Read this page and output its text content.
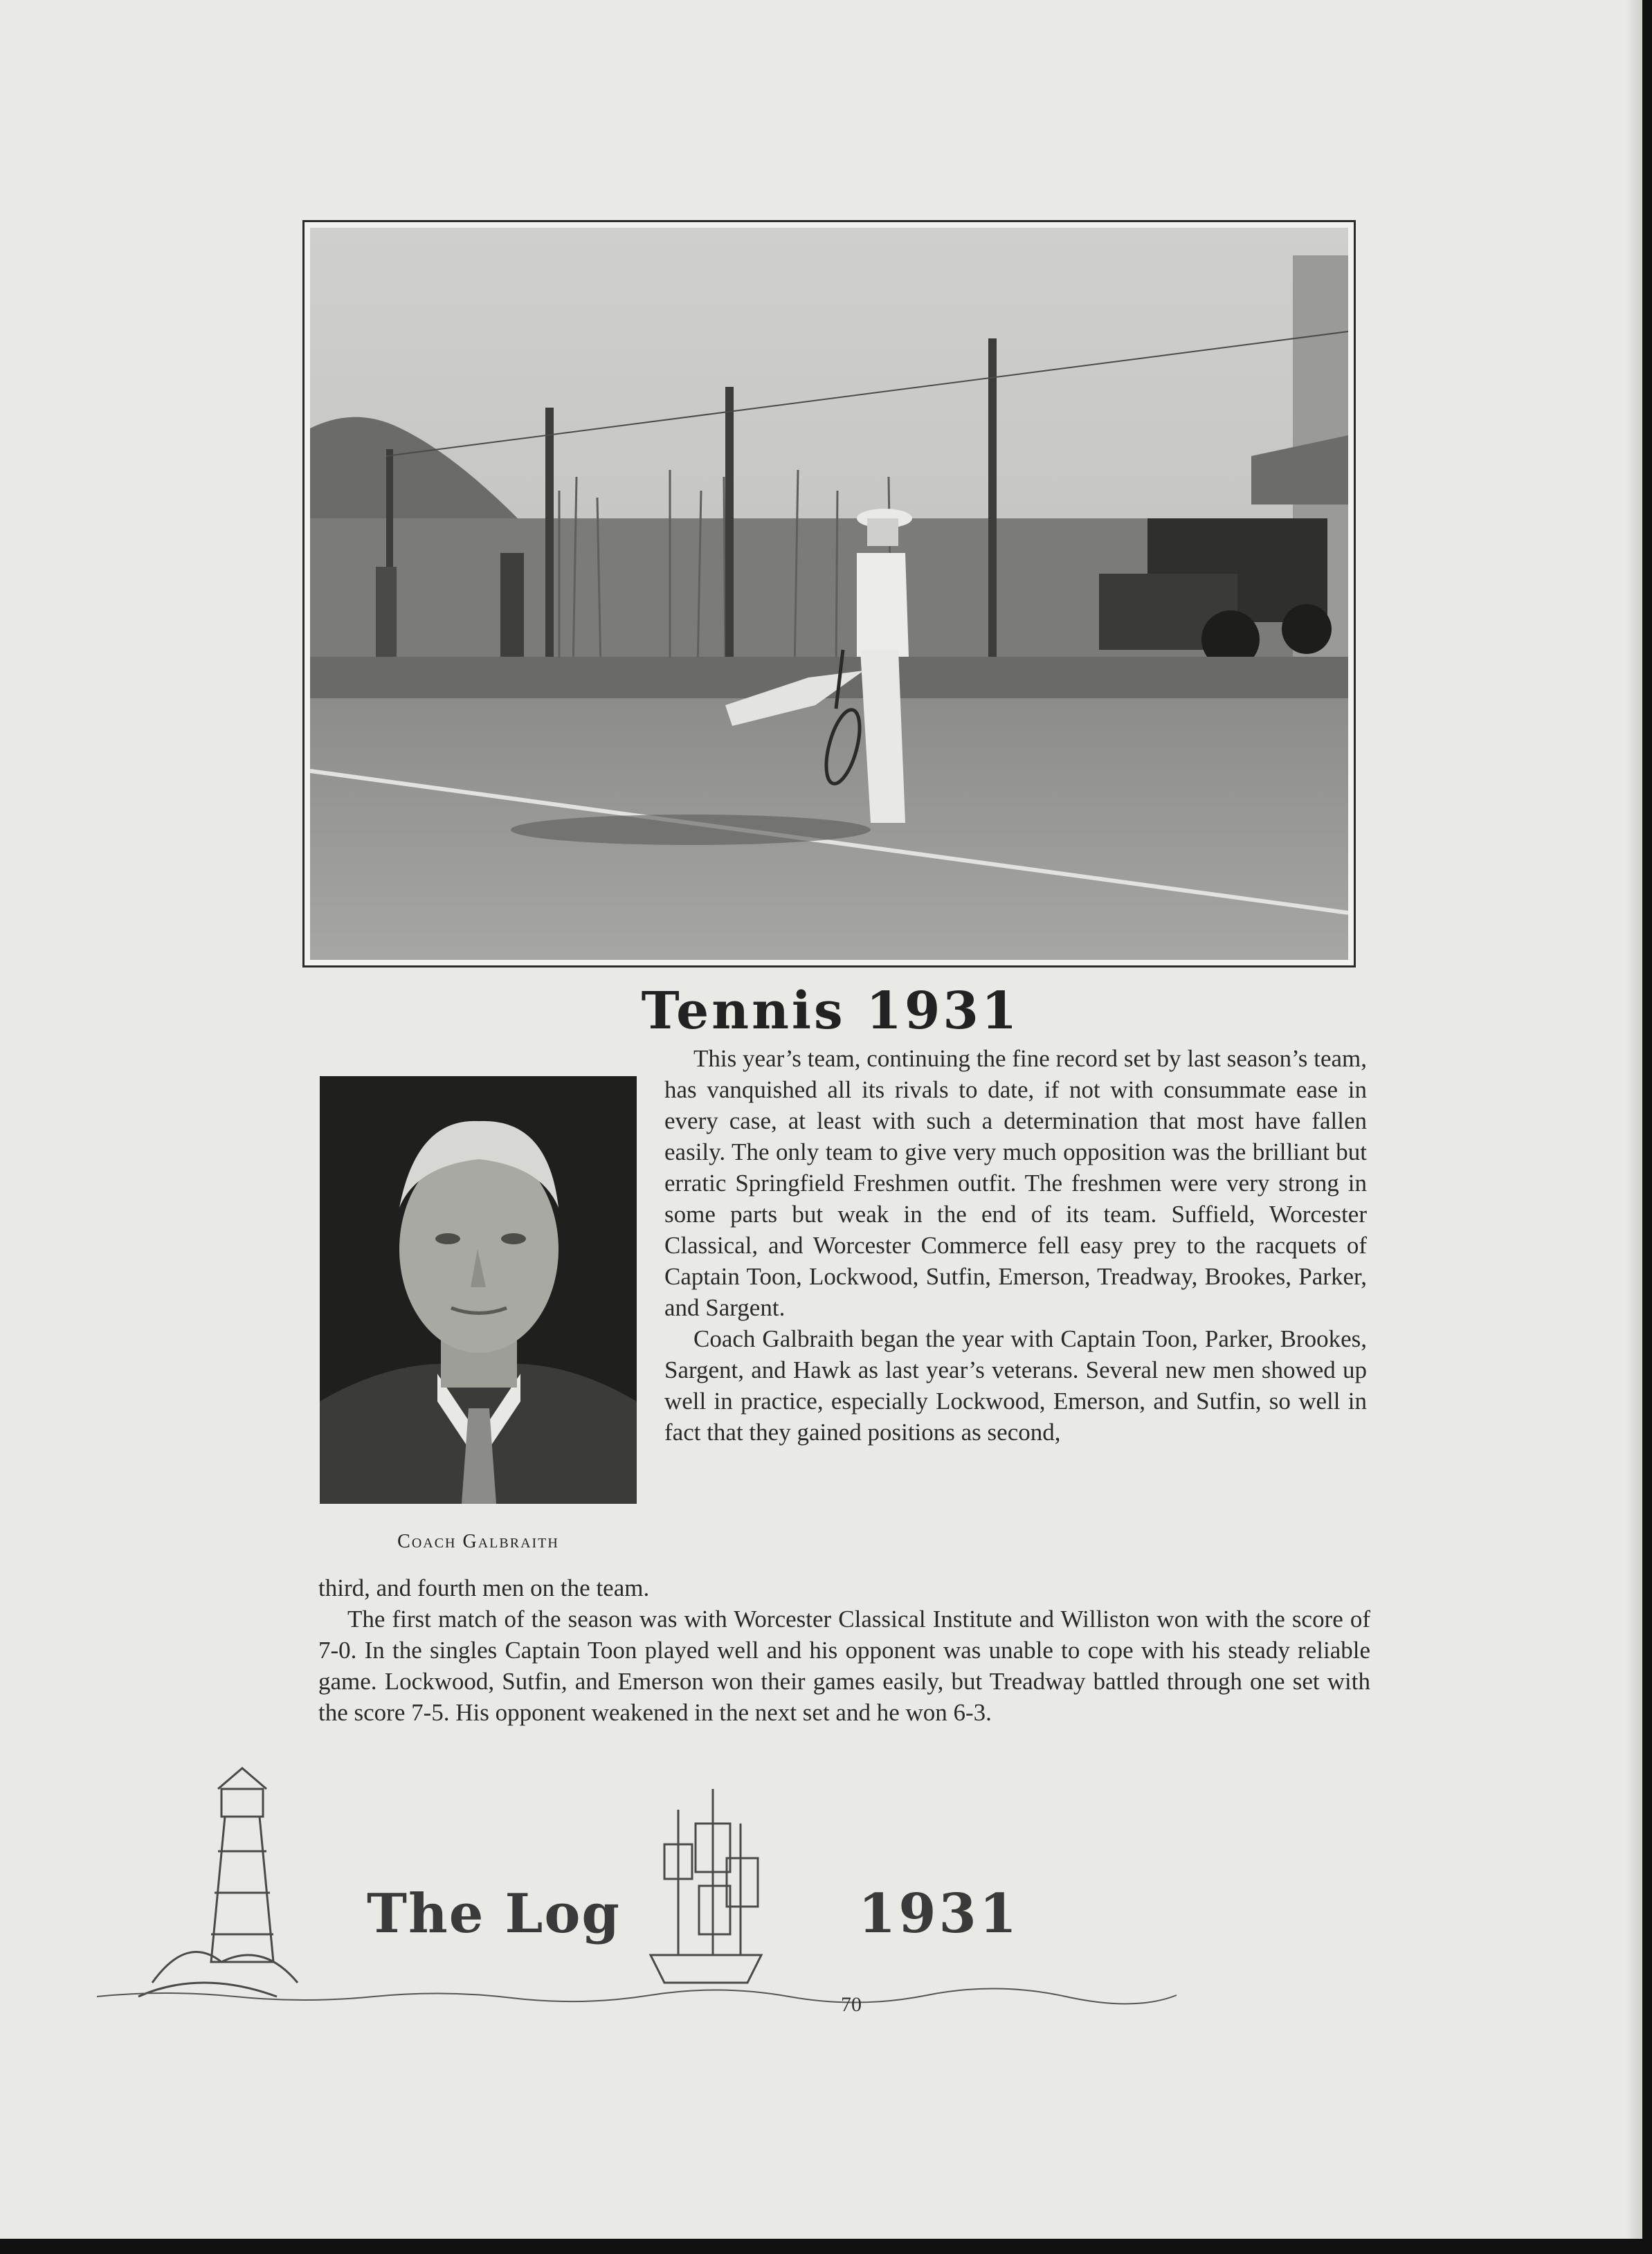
Tennis 1931
Coach Galbraith

This year’s team, continuing the fine record set by last season’s team, has vanquished all its rivals to date, if not with consummate ease in every case, at least with such a determination that most have fallen easily. The only team to give very much opposition was the brilliant but erratic Springfield Freshmen outfit. The freshmen were very strong in some parts but weak in the end of its team. Suffield, Worcester Classical, and Worcester Commerce fell easy prey to the racquets of Captain Toon, Lockwood, Sutfin, Emerson, Treadway, Brookes, Parker, and Sargent.

Coach Galbraith began the year with Captain Toon, Parker, Brookes, Sargent, and Hawk as last year’s veterans. Several new men showed up well in practice, especially Lockwood, Emerson, and Sutfin, so well in fact that they gained positions as second,

third, and fourth men on the team.

The first match of the season was with Worcester Classical Institute and Williston won with the score of 7-0. In the singles Captain Toon played well and his opponent was unable to cope with his steady reliable game. Lockwood, Sutfin, and Emerson won their games easily, but Treadway battled through one set with the score 7-5. His opponent weakened in the next set and he won 6-3.

The Log	1931
70
